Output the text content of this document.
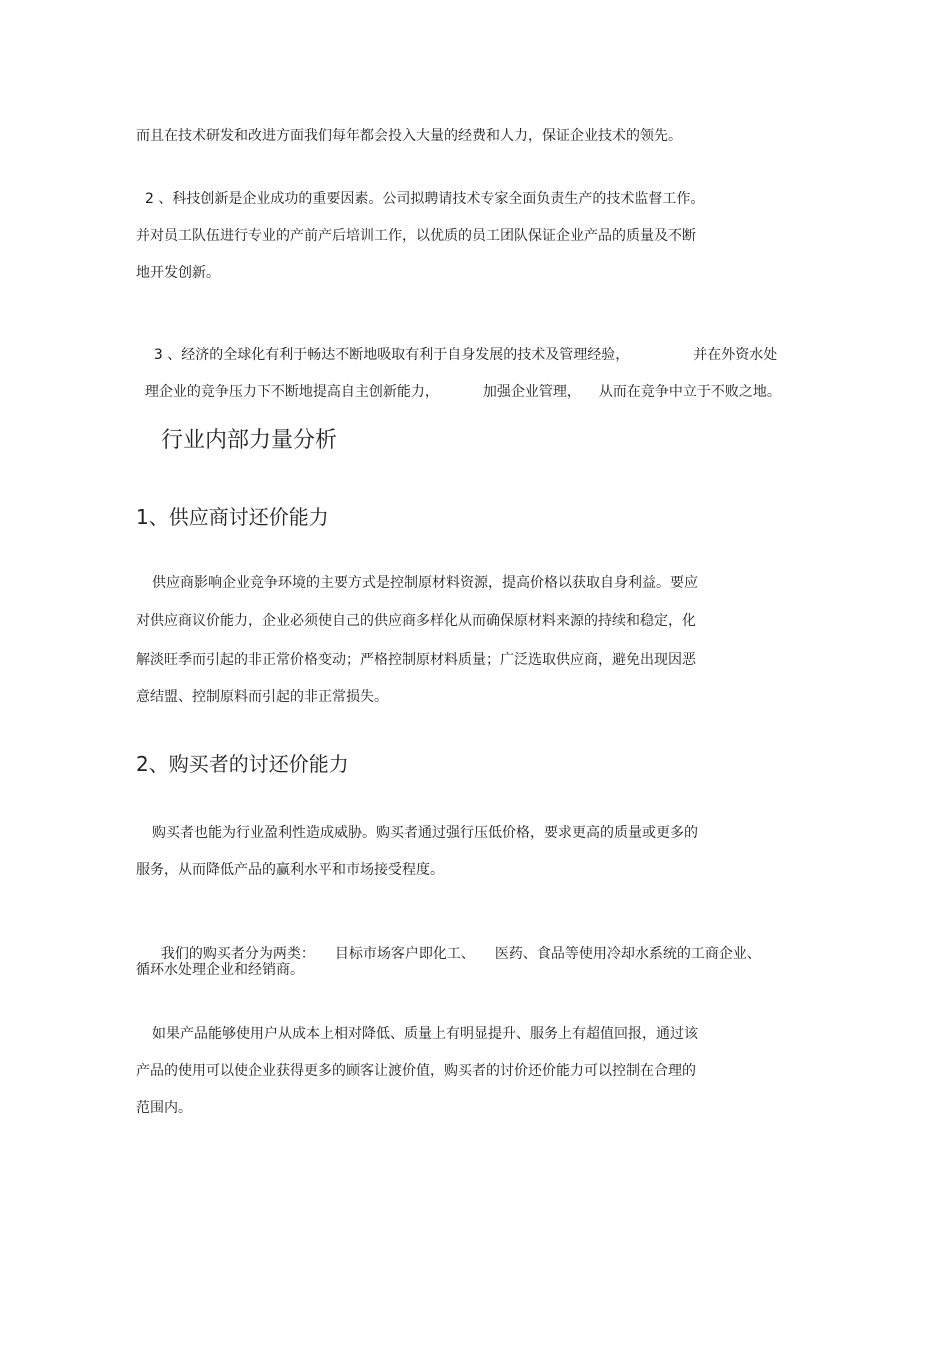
而且在技术研发和改进方面我们每年都会投入大量的经费和人力，保证企业技术的领先。
2 、科技创新是企业成功的重要因素。公司拟聘请技术专家全面负责生产的技术监督工作。
并对员工队伍进行专业的产前产后培训工作，以优质的员工团队保证企业产品的质量及不断
地开发创新。

3 、经济的全球化有利于畅达不断地吸取有利于自身发展的技术及管理经验，	并在外资水处

理企业的竞争压力下不断地提高自主创新能力，	加强企业管理， 从而在竞争中立于不败之地。

行业内部力量分析
1、供应商讨还价能力
供应商影响企业竞争环境的主要方式是控制原材料资源，提高价格以获取自身利益。要应
对供应商议价能力，企业必须使自己的供应商多样化从而确保原材料来源的持续和稳定，化
解淡旺季而引起的非正常价格变动；严格控制原材料质量；广泛选取供应商，避免出现因恶
意结盟、控制原料而引起的非正常损失。
2、购买者的讨还价能力
购买者也能为行业盈利性造成威胁。购买者通过强行压低价格，要求更高的质量或更多的
服务，从而降低产品的赢利水平和市场接受程度。

我们的购买者分为两类： 目标市场客户即化工、 医药、食品等使用冷却水系统的工商企业、

循环水处理企业和经销商。
如果产品能够使用户从成本上相对降低、质量上有明显提升、服务上有超值回报，通过该
产品的使用可以使企业获得更多的顾客让渡价值，购买者的讨价还价能力可以控制在合理的
范围内。
